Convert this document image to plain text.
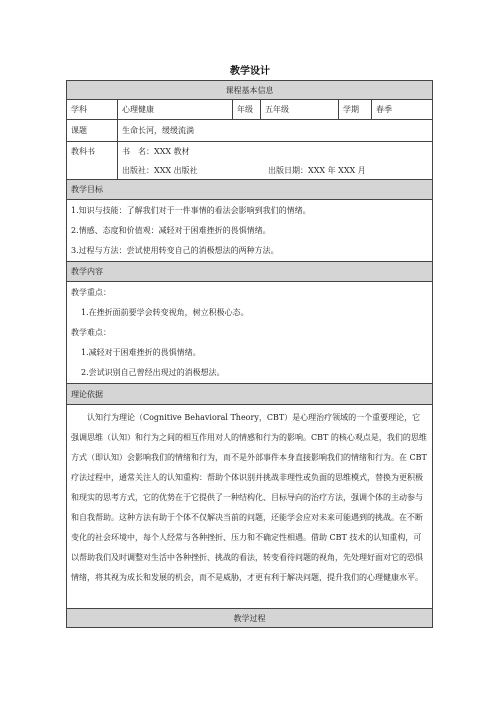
教学设计
课程基本信息
学科	心理健康	年级	五年级	学期	春季
课题	生命长河，缓缓流淌
教科书	书　名：XXX 教材
出版社：XXX 出版社	出版日期：XXX 年 XXX 月
教学目标
1.知识与技能：了解我们对于一件事情的看法会影响到我们的情绪。
2.情感、态度和价值观：减轻对于困难挫折的畏惧情绪。
3.过程与方法：尝试使用转变自己的消极想法的两种方法。
教学内容
教学重点：
1.在挫折面前要学会转变视角，树立积极心态。
教学难点：
1.减轻对于困难挫折的畏惧情绪。
2.尝试识别自己曾经出现过的消极想法。
理论依据

认知行为理论（Cognitive Behavioral Theory，CBT）是心理治疗领域的一个重要理论，它强调思维（认知）和行为之间的相互作用对人的情感和行为的影响。CBT 的核心观点是，我们的思维方式（即认知）会影响我们的情绪和行为，而不是外部事件本身直接影响我们的情绪和行为。在 CBT 疗法过程中，通常关注人的认知重构：帮助个体识别并挑战非理性或负面的思维模式，替换为更积极和现实的思考方式，它的优势在于它提供了一种结构化、目标导向的治疗方法，强调个体的主动参与和自我帮助。这种方法有助于个体不仅解决当前的问题，还能学会应对未来可能遇到的挑战。在不断变化的社会环境中，每个人经常与各种挫折、压力和不确定性相遇。借助 CBT 技术的认知重构，可以帮助我们及时调整对生活中各种挫折、挑战的看法，转变看待问题的视角，先处理好面对它的恐惧情绪，将其视为成长和发展的机会，而不是威胁，才更有利于解决问题，提升我们的心理健康水平。

教学过程
